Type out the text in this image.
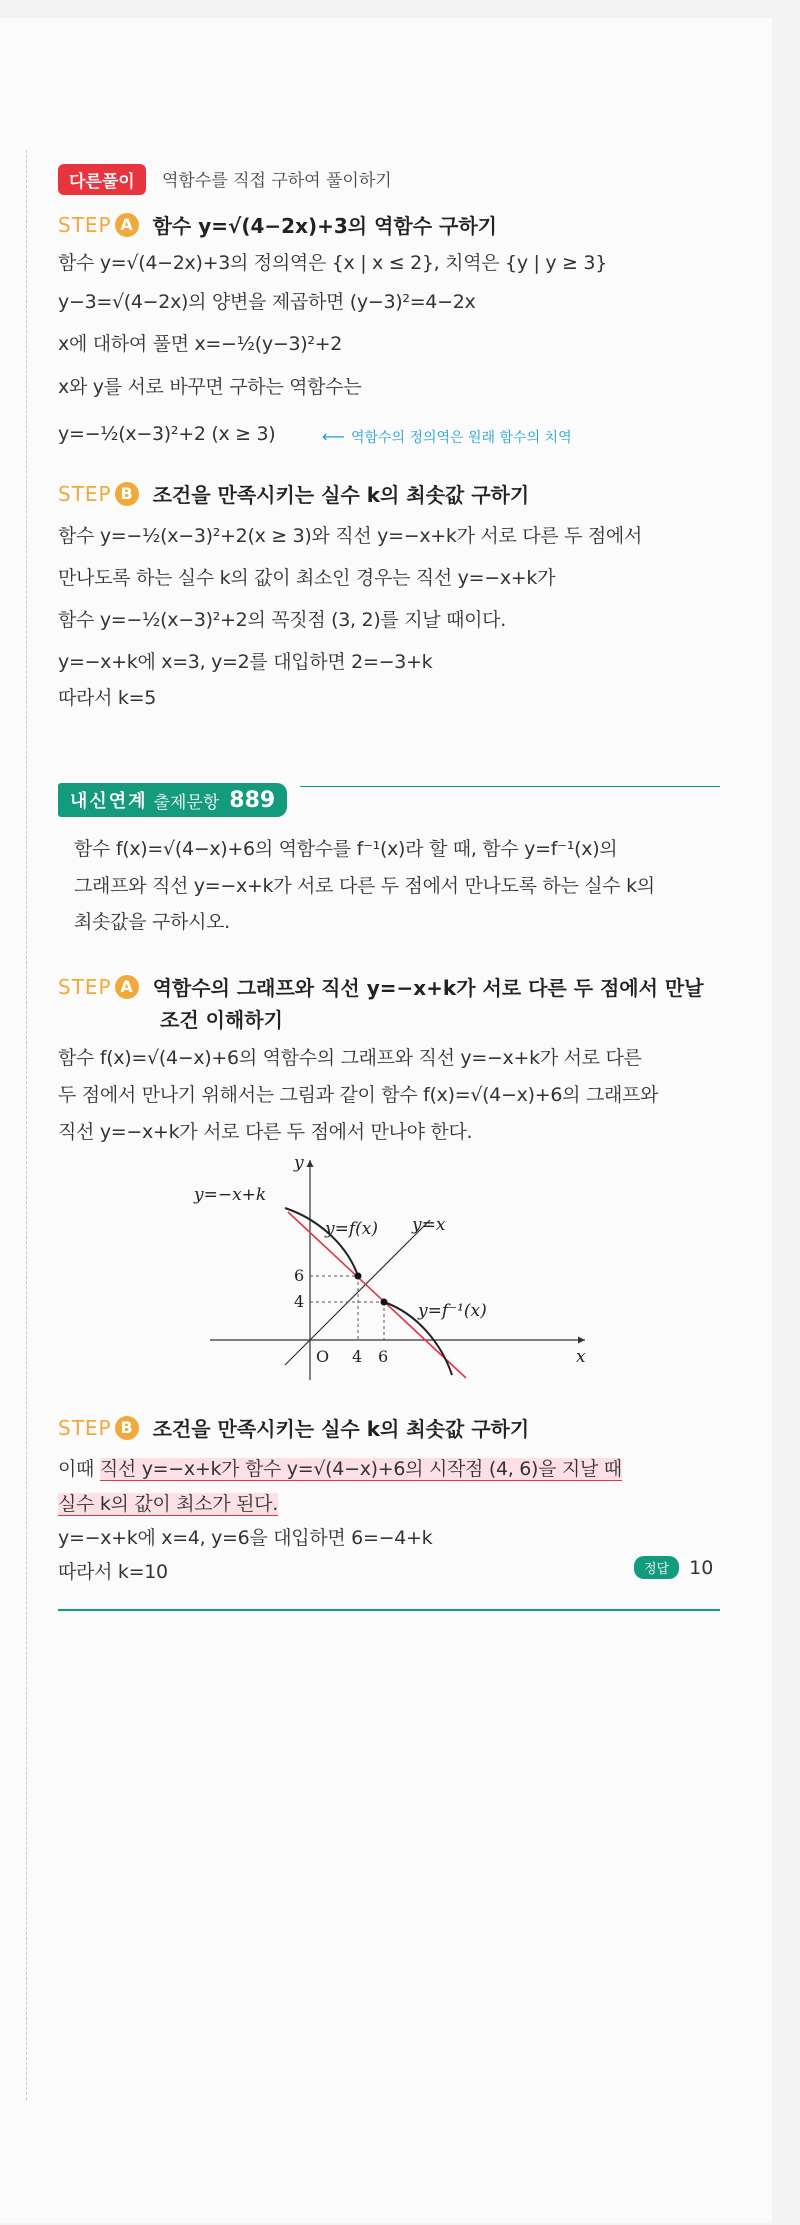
다른풀이	역함수를 직접 구하여 풀이하기
STEP A 함수 y=√(4−2x)+3의 역함수 구하기
함수 y=√(4−2x)+3의 정의역은 {x | x ≤ 2}, 치역은 {y | y ≥ 3}
y−3=√(4−2x)의 양변을 제곱하면 (y−3)²=4−2x
x에 대하여 풀면 x=−½(y−3)²+2
x와 y를 서로 바꾸면 구하는 역함수는
y=−½(x−3)²+2 (x ≥ 3)	⟵ 역함수의 정의역은 원래 함수의 치역
STEP B 조건을 만족시키는 실수 k의 최솟값 구하기
함수 y=−½(x−3)²+2(x ≥ 3)와 직선 y=−x+k가 서로 다른 두 점에서
만나도록 하는 실수 k의 값이 최소인 경우는 직선 y=−x+k가
함수 y=−½(x−3)²+2의 꼭짓점 (3, 2)를 지날 때이다.
y=−x+k에 x=3, y=2를 대입하면 2=−3+k
따라서 k=5
내신연계 출제문항 889
함수 f(x)=√(4−x)+6의 역함수를 f⁻¹(x)라 할 때, 함수 y=f⁻¹(x)의
그래프와 직선 y=−x+k가 서로 다른 두 점에서 만나도록 하는 실수 k의
최솟값을 구하시오.
STEP A 역함수의 그래프와 직선 y=−x+k가 서로 다른 두 점에서 만날
조건 이해하기
함수 f(x)=√(4−x)+6의 역함수의 그래프와 직선 y=−x+k가 서로 다른
두 점에서 만나기 위해서는 그림과 같이 함수 f(x)=√(4−x)+6의 그래프와
직선 y=−x+k가 서로 다른 두 점에서 만나야 한다.
y=−x+k
y=f(x) y=x
y=f⁻¹(x)
x
y
O 4 6
6
4
STEP B 조건을 만족시키는 실수 k의 최솟값 구하기
이때 직선 y=−x+k가 함수 y=√(4−x)+6의 시작점 (4, 6)을 지날 때
실수 k의 값이 최소가 된다.
y=−x+k에 x=4, y=6을 대입하면 6=−4+k
따라서 k=10	정답	10
